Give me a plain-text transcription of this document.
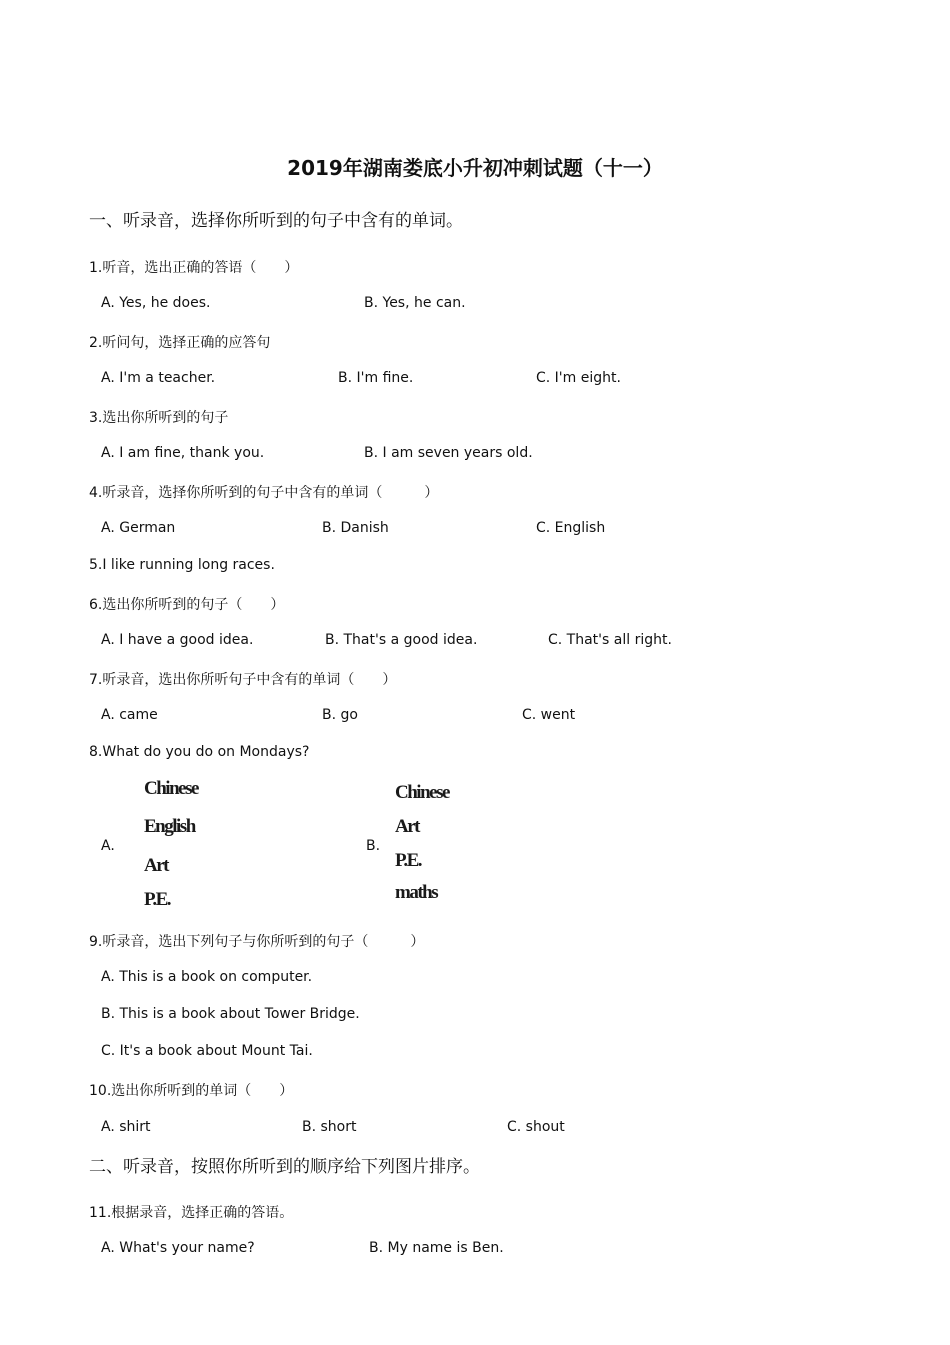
2019年湖南娄底小升初冲刺试题（十一）
一、听录音，选择你所听到的句子中含有的单词。
1.听音，选出正确的答语（　　）
A. Yes, he does.	B. Yes, he can.
2.听问句，选择正确的应答句
A. I'm a teacher.	B. I'm fine.	C. I'm eight.
3.选出你所听到的句子
A. I am fine, thank you.	B. I am seven years old.
4.听录音，选择你所听到的句子中含有的单词（　　　）
A. German	B. Danish	C. English
5.I like running long races.
6.选出你所听到的句子（　　）
A. I have a good idea.	B. That's a good idea.	C. That's all right.
7.听录音，选出你所听句子中含有的单词（　　）
A. came	B. go	C. went
8.What do you do on Mondays?
A.
Chinese
English
Art
P.E.
B.
Chinese
Art
P.E.
maths
9.听录音，选出下列句子与你所听到的句子（　　　）
A. This is a book on computer.
B. This is a book about Tower Bridge.
C. It's a book about Mount Tai.
10.选出你所听到的单词（　　）
A. shirt	B. short	C. shout
二、听录音，按照你所听到的顺序给下列图片排序。
11.根据录音，选择正确的答语。
A. What's your name?	B. My name is Ben.
